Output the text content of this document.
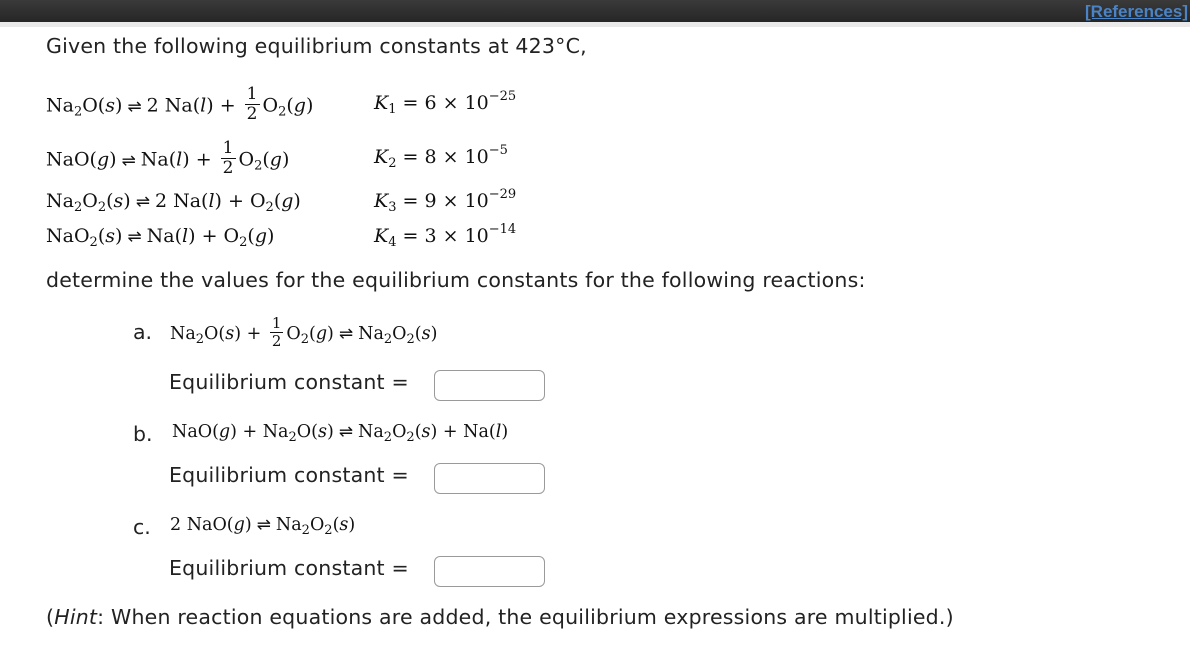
[References]
Given the following equilibrium constants at 423°C,
$Na_2O(s)$ ⇌ 2 $Na(l) + \frac{1}{2} O_2(g)$	$K_1 = 6 \times 10^{-25}$
NaO(g) ⇌ $Na(l) + \frac{1}{2} O_2(g)$	$K_2 = 8 \times 10^{-5}$
$Na_2O_2(s)$ ⇌ 2 $Na(l) + O_2(g)$	$K_3 = 9 \times 10^{-29}$
NaO$_2$(s) ⇌ $Na(l) + O_2(g)$	$K_4 = 3 \times 10^{-14}$
determine the values for the equilibrium constants for the following reactions:
a. $Na_2O(s) + \frac{1}{2} O_2(g)$ ⇌ $Na_2O_2(s)$
Equilibrium constant =
b. $NaO(g) + Na_2O(s)$ ⇌ $Na_2O_2(s) + Na(l)$
Equilibrium constant =
c. 2 NaO(g) ⇌ $Na_2O_2(s)$
Equilibrium constant =
(Hint: When reaction equations are added, the equilibrium expressions are multiplied.)
